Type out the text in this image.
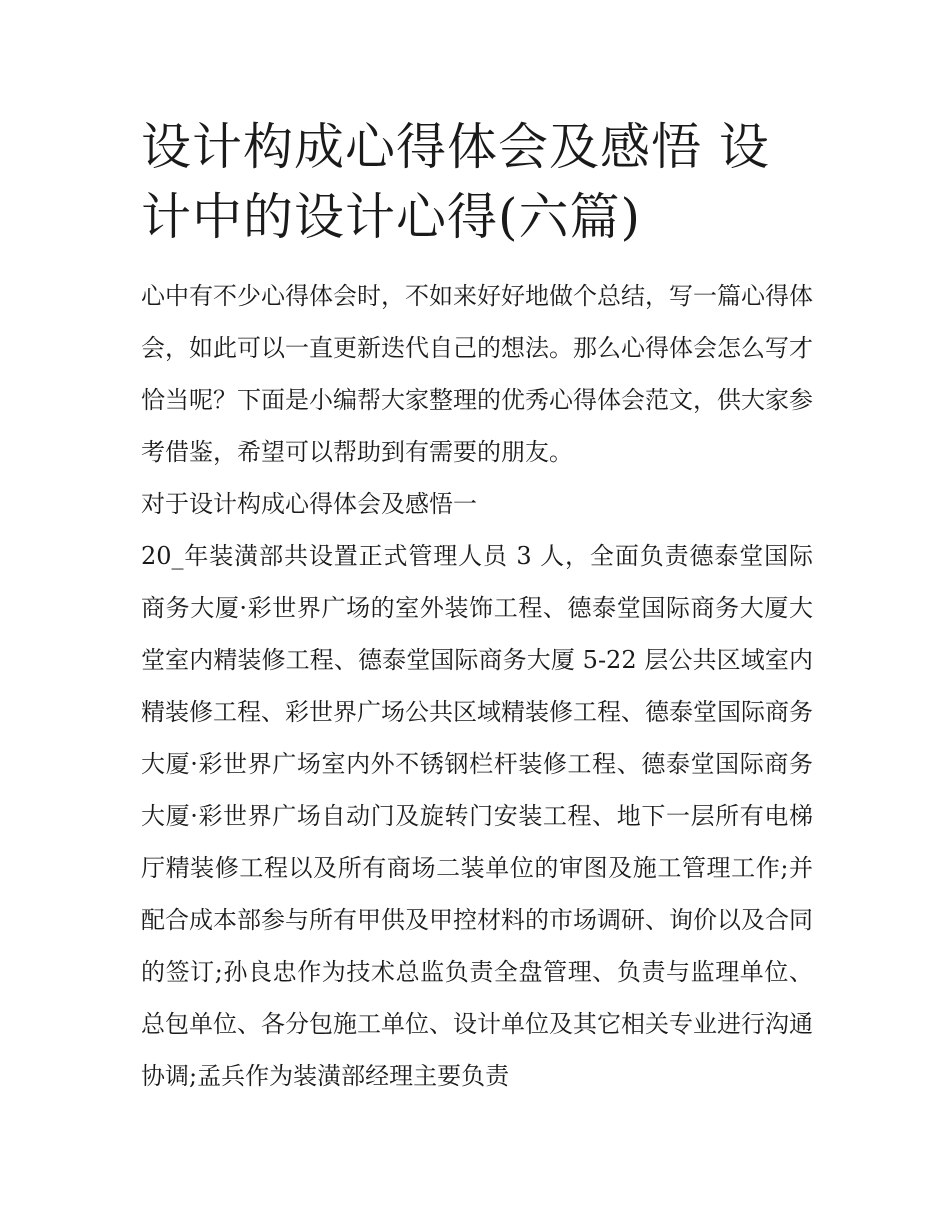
设计构成心得体会及感悟 设计中的设计心得(六篇)

心中有不少心得体会时，不如来好好地做个总结，写一篇心得体会，如此可以一直更新迭代自己的想法。那么心得体会怎么写才恰当呢？下面是小编帮大家整理的优秀心得体会范文，供大家参考借鉴，希望可以帮助到有需要的朋友。

对于设计构成心得体会及感悟一

20_年装潢部共设置正式管理人员 3 人，全面负责德泰堂国际商务大厦·彩世界广场的室外装饰工程、德泰堂国际商务大厦大堂室内精装修工程、德泰堂国际商务大厦 5-22 层公共区域室内精装修工程、彩世界广场公共区域精装修工程、德泰堂国际商务大厦·彩世界广场室内外不锈钢栏杆装修工程、德泰堂国际商务大厦·彩世界广场自动门及旋转门安装工程、地下一层所有电梯厅精装修工程以及所有商场二装单位的审图及施工管理工作;并配合成本部参与所有甲供及甲控材料的市场调研、询价以及合同的签订;孙良忠作为技术总监负责全盘管理、负责与监理单位、总包单位、各分包施工单位、设计单位及其它相关专业进行沟通协调;孟兵作为装潢部经理主要负责
